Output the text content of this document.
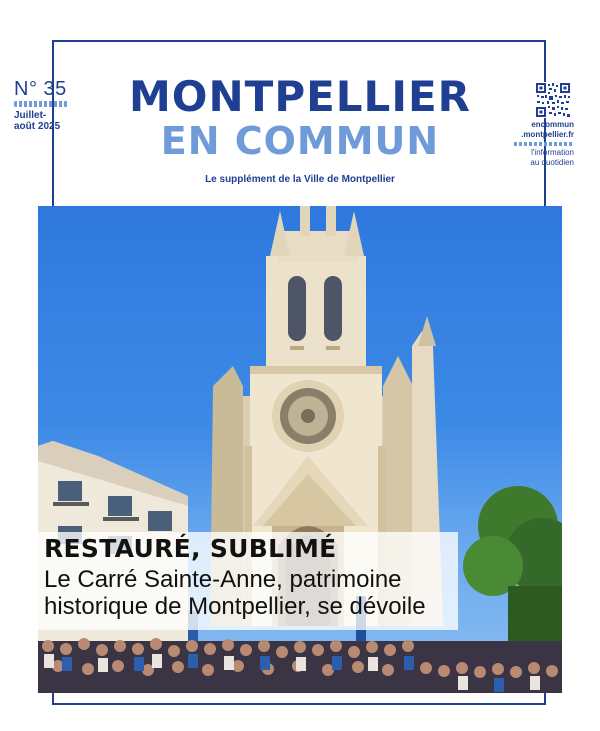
N° 35
Juillet-
août 2025
MONTPELLIER
EN COMMUN
Le supplément de la Ville de Montpellier
encommun
.montpellier.fr
l'information
au quotidien
RESTAURÉ, SUBLIMÉ
Le Carré Sainte-Anne, patrimoine
historique de Montpellier, se dévoile
